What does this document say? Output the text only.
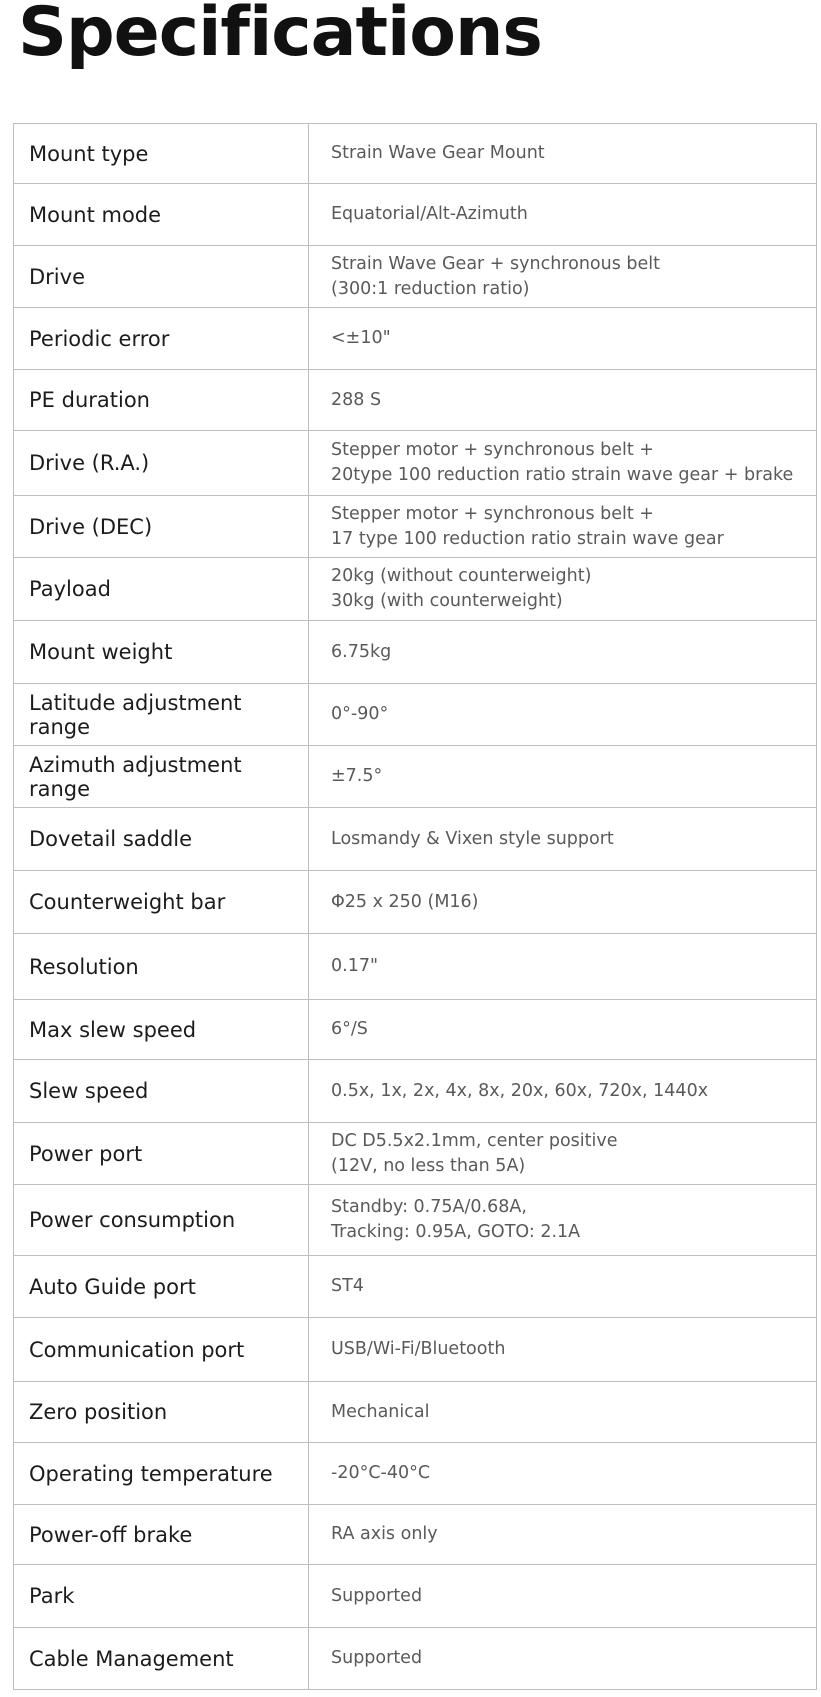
Specifications
Mount type	Strain Wave Gear Mount

Mount mode	Equatorial/Alt-Azimuth

Drive	Strain Wave Gear + synchronous belt
(300:1 reduction ratio)

Periodic error	<±10"

PE duration	288 S

Drive (R.A.)	Stepper motor + synchronous belt +
20type 100 reduction ratio strain wave gear + brake

Drive (DEC)	Stepper motor + synchronous belt +
17 type 100 reduction ratio strain wave gear

Payload	20kg (without counterweight)
30kg (with counterweight)

Mount weight	6.75kg

Latitude adjustment range	0°-90°

Azimuth adjustment range	±7.5°

Dovetail saddle	Losmandy & Vixen style support

Counterweight bar	Φ25 x 250 (M16)

Resolution	0.17"

Max slew speed	6°/S

Slew speed	0.5x, 1x, 2x, 4x, 8x, 20x, 60x, 720x, 1440x

Power port	DC D5.5x2.1mm, center positive
(12V, no less than 5A)

Power consumption	Standby: 0.75A/0.68A,
Tracking: 0.95A, GOTO: 2.1A

Auto Guide port	ST4

Communication port	USB/Wi-Fi/Bluetooth

Zero position	Mechanical

Operating temperature	-20°C-40°C

Power-off brake	RA axis only

Park	Supported

Cable Management	Supported
